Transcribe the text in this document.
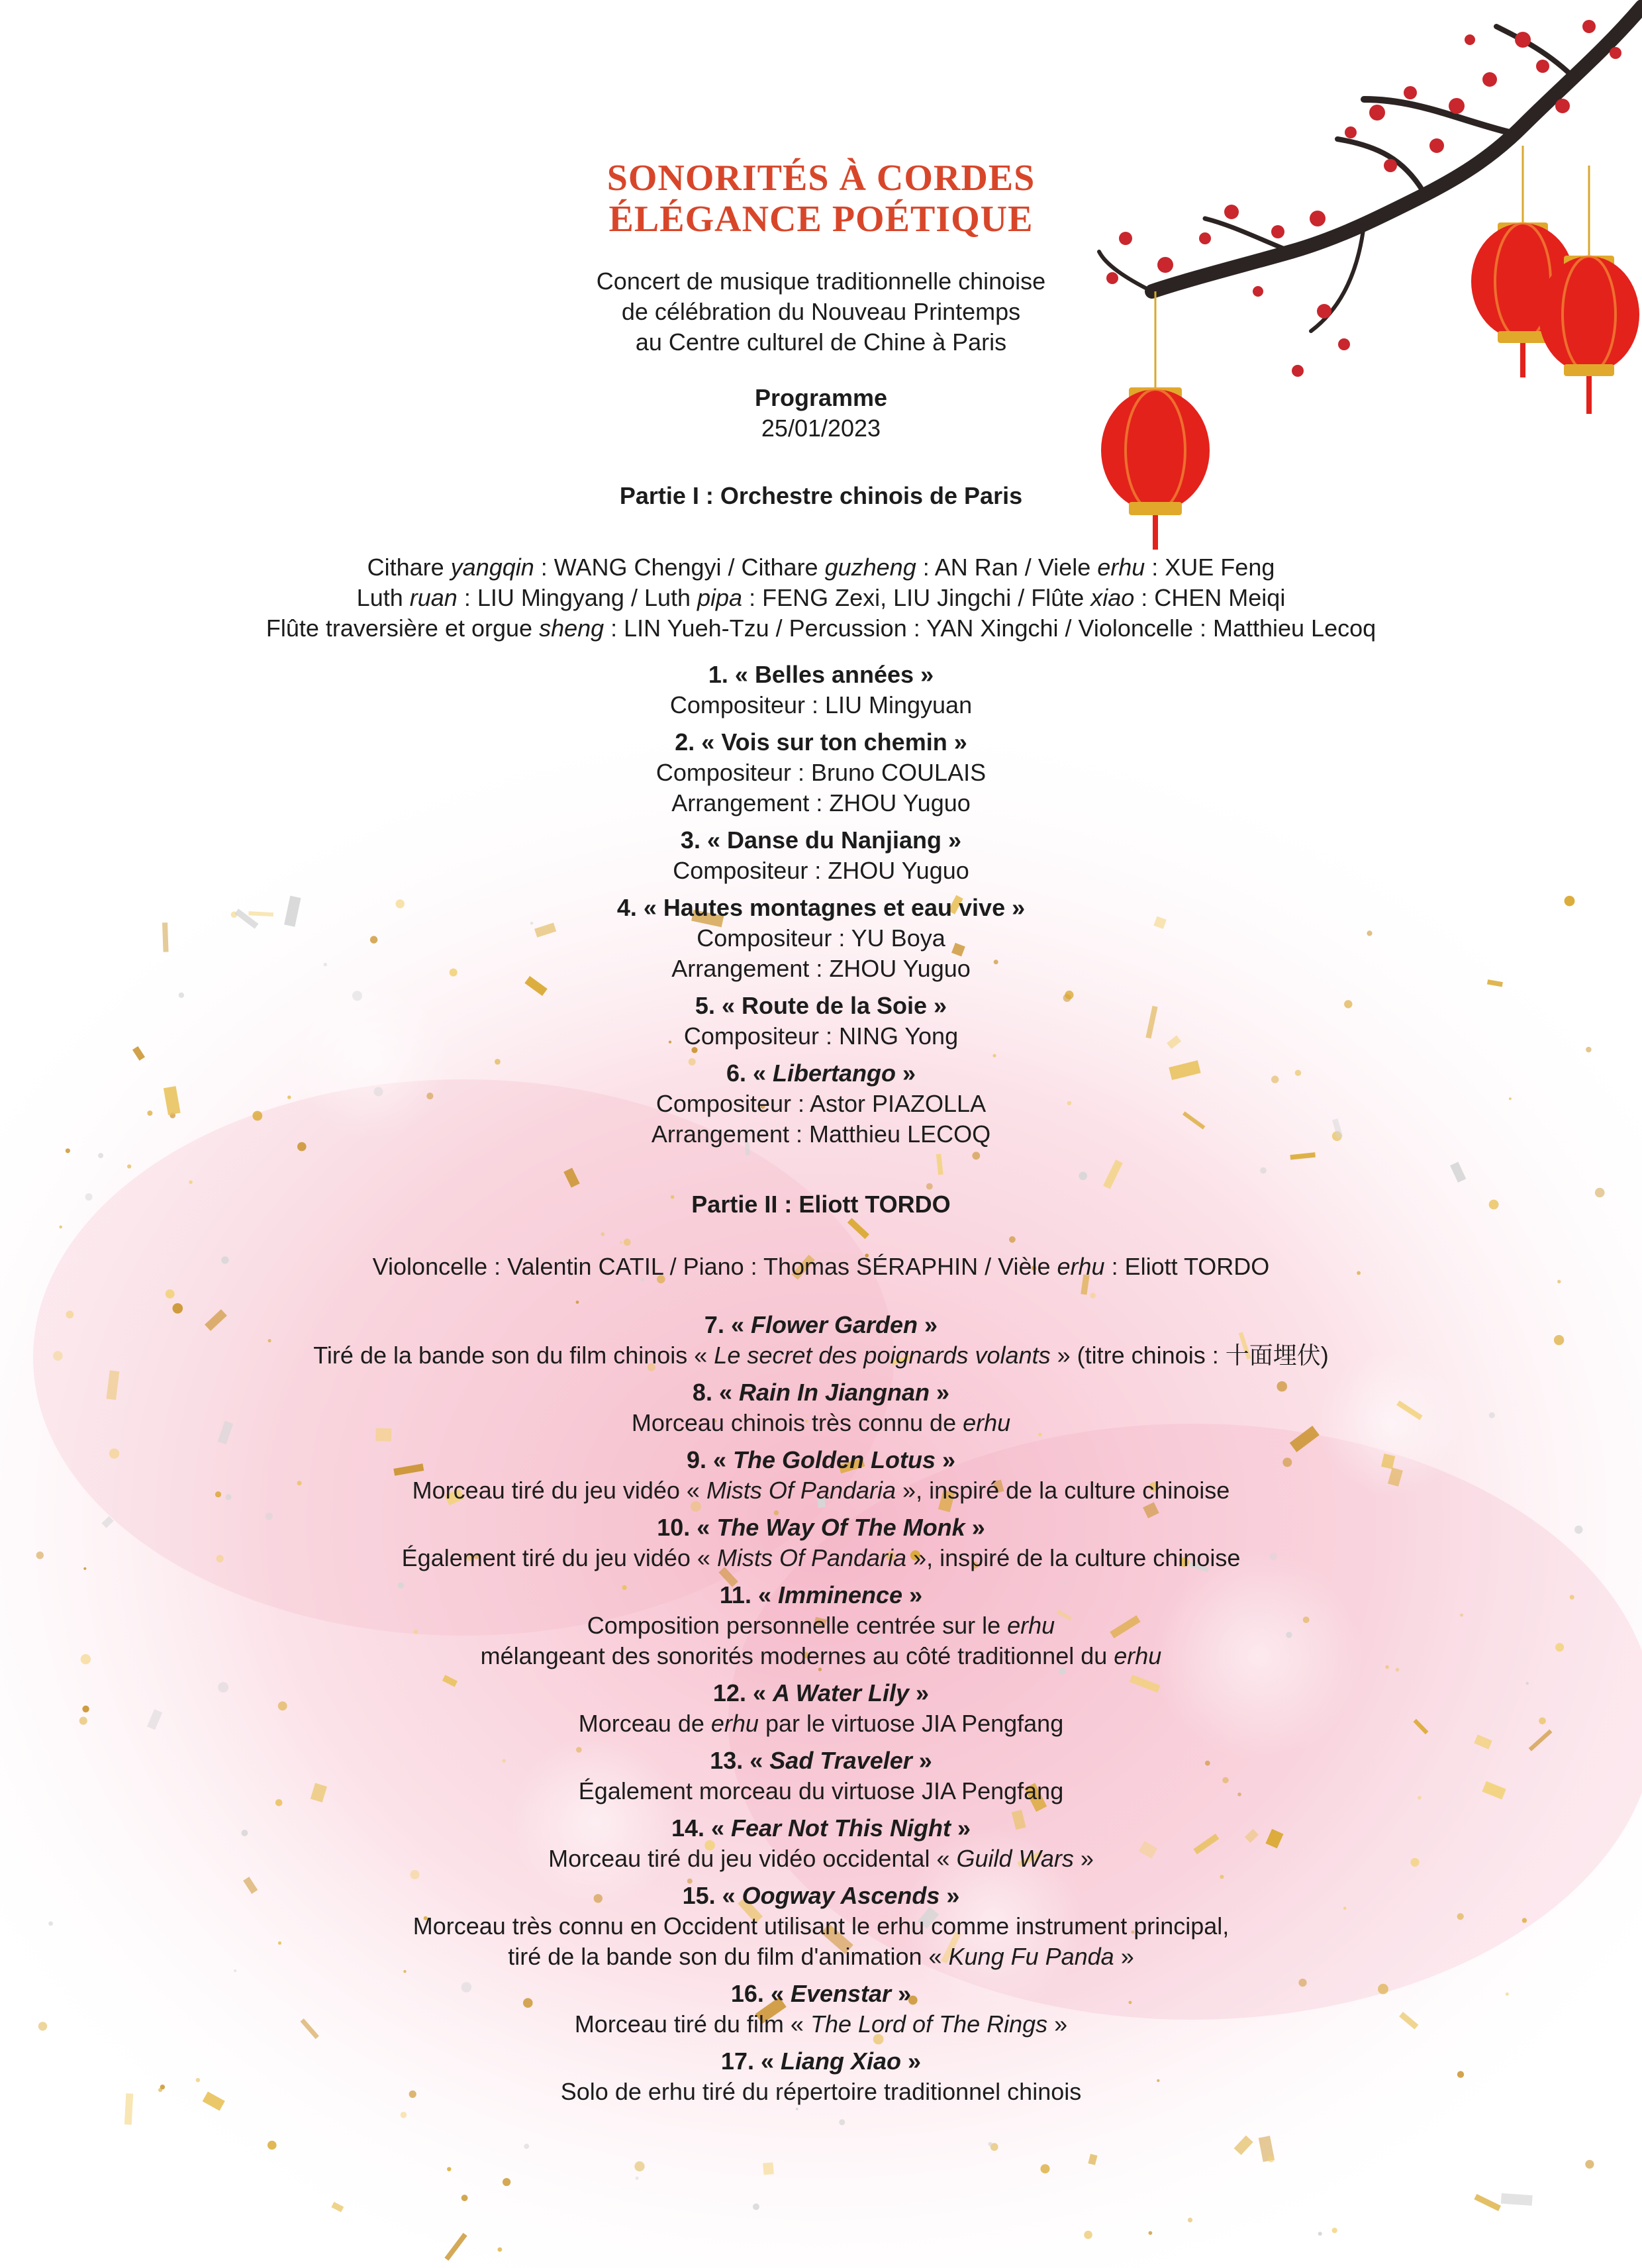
SONORITÉS À CORDES

ÉLÉGANCE POÉTIQUE

Concert de musique traditionnelle chinoise

de célébration du Nouveau Printemps

au Centre culturel de Chine à Paris

Programme

25/01/2023

Partie I : Orchestre chinois de Paris

Cithare yangqin : WANG Chengyi / Cithare guzheng : AN Ran / Viele erhu : XUE Feng

Luth ruan : LIU Mingyang / Luth pipa : FENG Zexi, LIU Jingchi / Flûte xiao : CHEN Meiqi

Flûte traversière et orgue sheng : LIN Yueh-Tzu / Percussion : YAN Xingchi / Violoncelle : Matthieu Lecoq

1. « Belles années »

Compositeur : LIU Mingyuan

2. « Vois sur ton chemin »

Compositeur : Bruno COULAIS

Arrangement : ZHOU Yuguo

3. « Danse du Nanjiang »

Compositeur : ZHOU Yuguo

4. « Hautes montagnes et eau vive »

Compositeur : YU Boya

Arrangement : ZHOU Yuguo

5. « Route de la Soie »

Compositeur : NING Yong

6. « Libertango »

Compositeur : Astor PIAZOLLA

Arrangement : Matthieu LECOQ

Partie II : Eliott TORDO

Violoncelle : Valentin CATIL / Piano : Thomas SÉRAPHIN / Vièle erhu : Eliott TORDO

7. « Flower Garden »

Tiré de la bande son du film chinois « Le secret des poignards volants » (titre chinois : 十面埋伏)

8. « Rain In Jiangnan »

Morceau chinois très connu de erhu

9. « The Golden Lotus »

Morceau tiré du jeu vidéo « Mists Of Pandaria », inspiré de la culture chinoise

10. « The Way Of The Monk »

Également tiré du jeu vidéo « Mists Of Pandaria », inspiré de la culture chinoise

11. « Imminence »

Composition personnelle centrée sur le erhu

mélangeant des sonorités modernes au côté traditionnel du erhu

12. « A Water Lily »

Morceau de erhu par le virtuose JIA Pengfang

13. « Sad Traveler »

Également morceau du virtuose JIA Pengfang

14. « Fear Not This Night »

Morceau tiré du jeu vidéo occidental « Guild Wars »

15. « Oogway Ascends »

Morceau très connu en Occident utilisant le erhu comme instrument principal,

tiré de la bande son du film d'animation « Kung Fu Panda »

16. « Evenstar »

Morceau tiré du film « The Lord of The Rings »

17. « Liang Xiao »

Solo de erhu tiré du répertoire traditionnel chinois
